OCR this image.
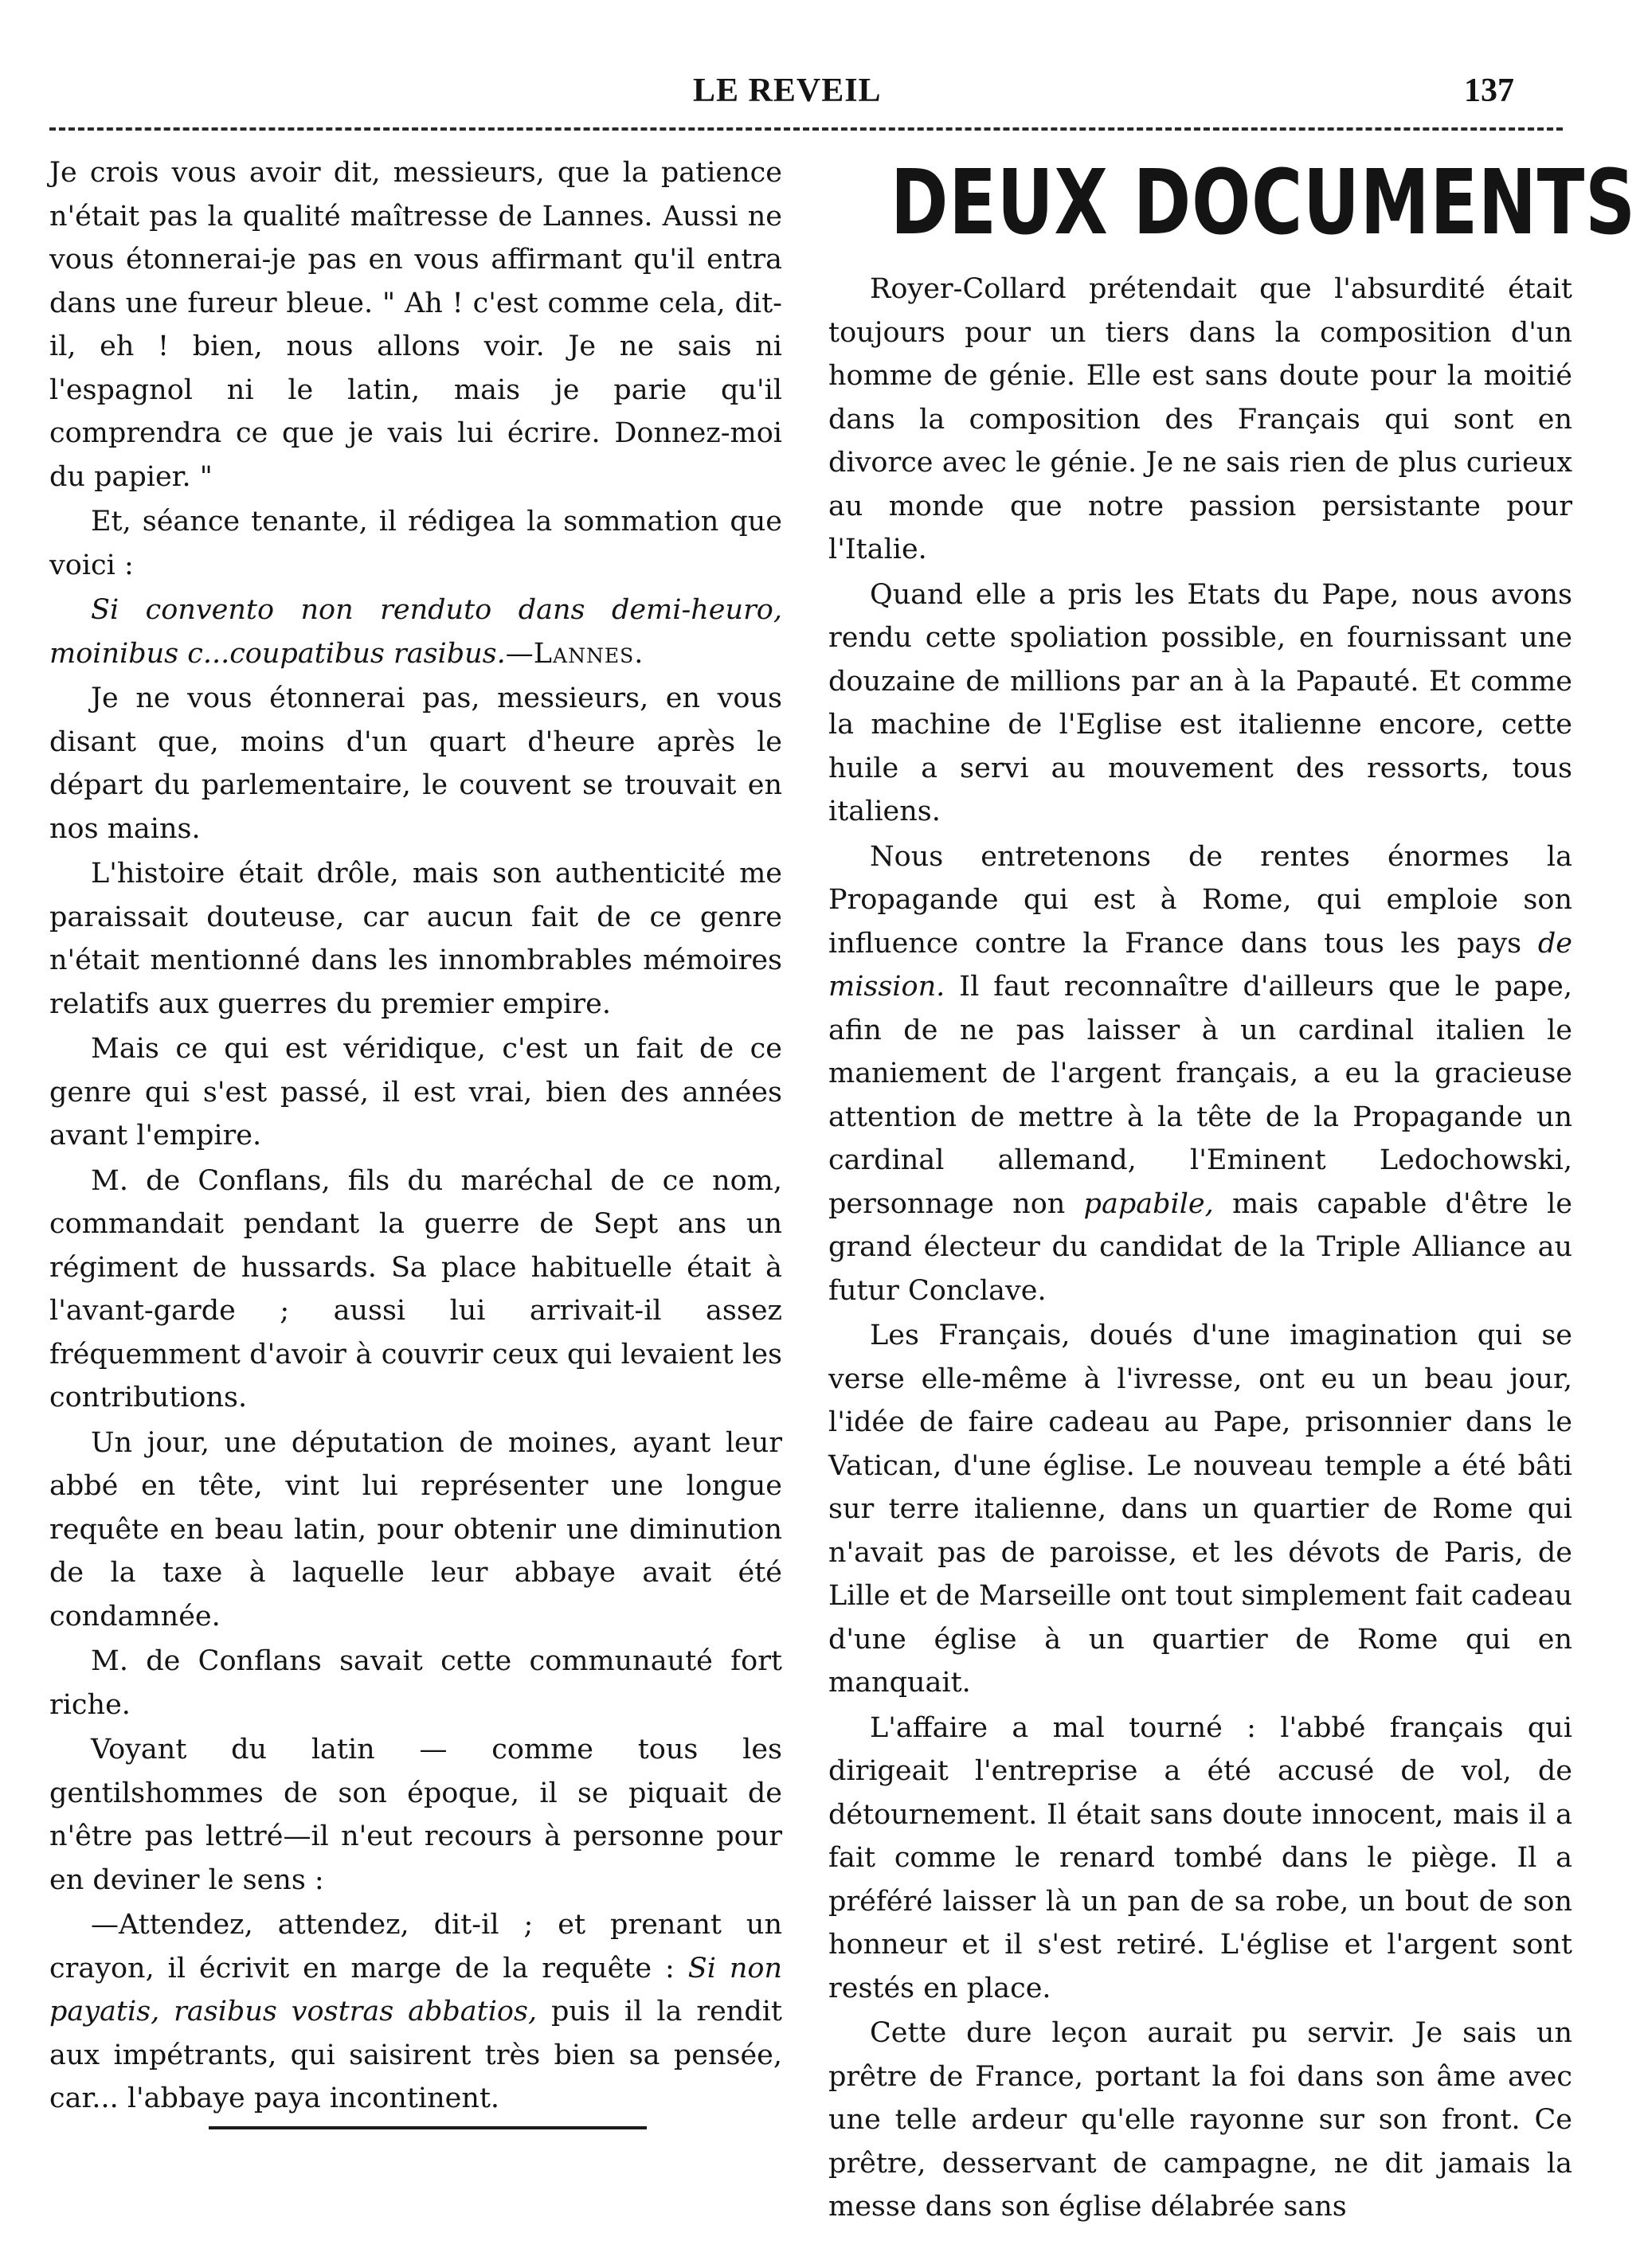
LE REVEIL	137

Je crois vous avoir dit, messieurs, que la patience n'était pas la qualité maîtresse de Lannes. Aussi ne vous étonnerai-je pas en vous affirmant qu'il entra dans une fureur bleue. " Ah ! c'est comme cela, dit-il, eh ! bien, nous allons voir. Je ne sais ni l'espagnol ni le latin, mais je parie qu'il comprendra ce que je vais lui écrire. Donnez-moi du papier. "

Et, séance tenante, il rédigea la sommation que voici :

Si convento non renduto dans demi-heuro, moinibus c...coupatibus rasibus.—Lannes.

Je ne vous étonnerai pas, messieurs, en vous disant que, moins d'un quart d'heure après le départ du parlementaire, le couvent se trouvait en nos mains.

L'histoire était drôle, mais son authenticité me paraissait douteuse, car aucun fait de ce genre n'était mentionné dans les innombrables mémoires relatifs aux guerres du premier empire.

Mais ce qui est véridique, c'est un fait de ce genre qui s'est passé, il est vrai, bien des années avant l'empire.

M. de Conflans, fils du maréchal de ce nom, commandait pendant la guerre de Sept ans un régiment de hussards. Sa place habituelle était à l'avant-garde ; aussi lui arrivait-il assez fréquemment d'avoir à couvrir ceux qui levaient les contributions.

Un jour, une députation de moines, ayant leur abbé en tête, vint lui représenter une longue requête en beau latin, pour obtenir une diminution de la taxe à laquelle leur abbaye avait été condamnée.

M. de Conflans savait cette communauté fort riche.

Voyant du latin — comme tous les gentilshommes de son époque, il se piquait de n'être pas lettré—il n'eut recours à personne pour en deviner le sens :

—Attendez, attendez, dit-il ; et prenant un crayon, il écrivit en marge de la requête : Si non payatis, rasibus vostras abbatios, puis il la rendit aux impétrants, qui saisirent très bien sa pensée, car... l'abbaye paya incontinent.

DEUX DOCUMENTS

Royer-Collard prétendait que l'absurdité était toujours pour un tiers dans la composition d'un homme de génie. Elle est sans doute pour la moitié dans la composition des Français qui sont en divorce avec le génie. Je ne sais rien de plus curieux au monde que notre passion persistante pour l'Italie.

Quand elle a pris les Etats du Pape, nous avons rendu cette spoliation possible, en fournissant une douzaine de millions par an à la Papauté. Et comme la machine de l'Eglise est italienne encore, cette huile a servi au mouvement des ressorts, tous italiens.

Nous entretenons de rentes énormes la Propagande qui est à Rome, qui emploie son influence contre la France dans tous les pays de mission. Il faut reconnaître d'ailleurs que le pape, afin de ne pas laisser à un cardinal italien le maniement de l'argent français, a eu la gracieuse attention de mettre à la tête de la Propagande un cardinal allemand, l'Eminent Ledochowski, personnage non papabile, mais capable d'être le grand électeur du candidat de la Triple Alliance au futur Conclave.

Les Français, doués d'une imagination qui se verse elle-même à l'ivresse, ont eu un beau jour, l'idée de faire cadeau au Pape, prisonnier dans le Vatican, d'une église. Le nouveau temple a été bâti sur terre italienne, dans un quartier de Rome qui n'avait pas de paroisse, et les dévots de Paris, de Lille et de Marseille ont tout simplement fait cadeau d'une église à un quartier de Rome qui en manquait.

L'affaire a mal tourné : l'abbé français qui dirigeait l'entreprise a été accusé de vol, de détournement. Il était sans doute innocent, mais il a fait comme le renard tombé dans le piège. Il a préféré laisser là un pan de sa robe, un bout de son honneur et il s'est retiré. L'église et l'argent sont restés en place.

Cette dure leçon aurait pu servir. Je sais un prêtre de France, portant la foi dans son âme avec une telle ardeur qu'elle rayonne sur son front. Ce prêtre, desservant de campagne, ne dit jamais la messe dans son église délabrée sans
